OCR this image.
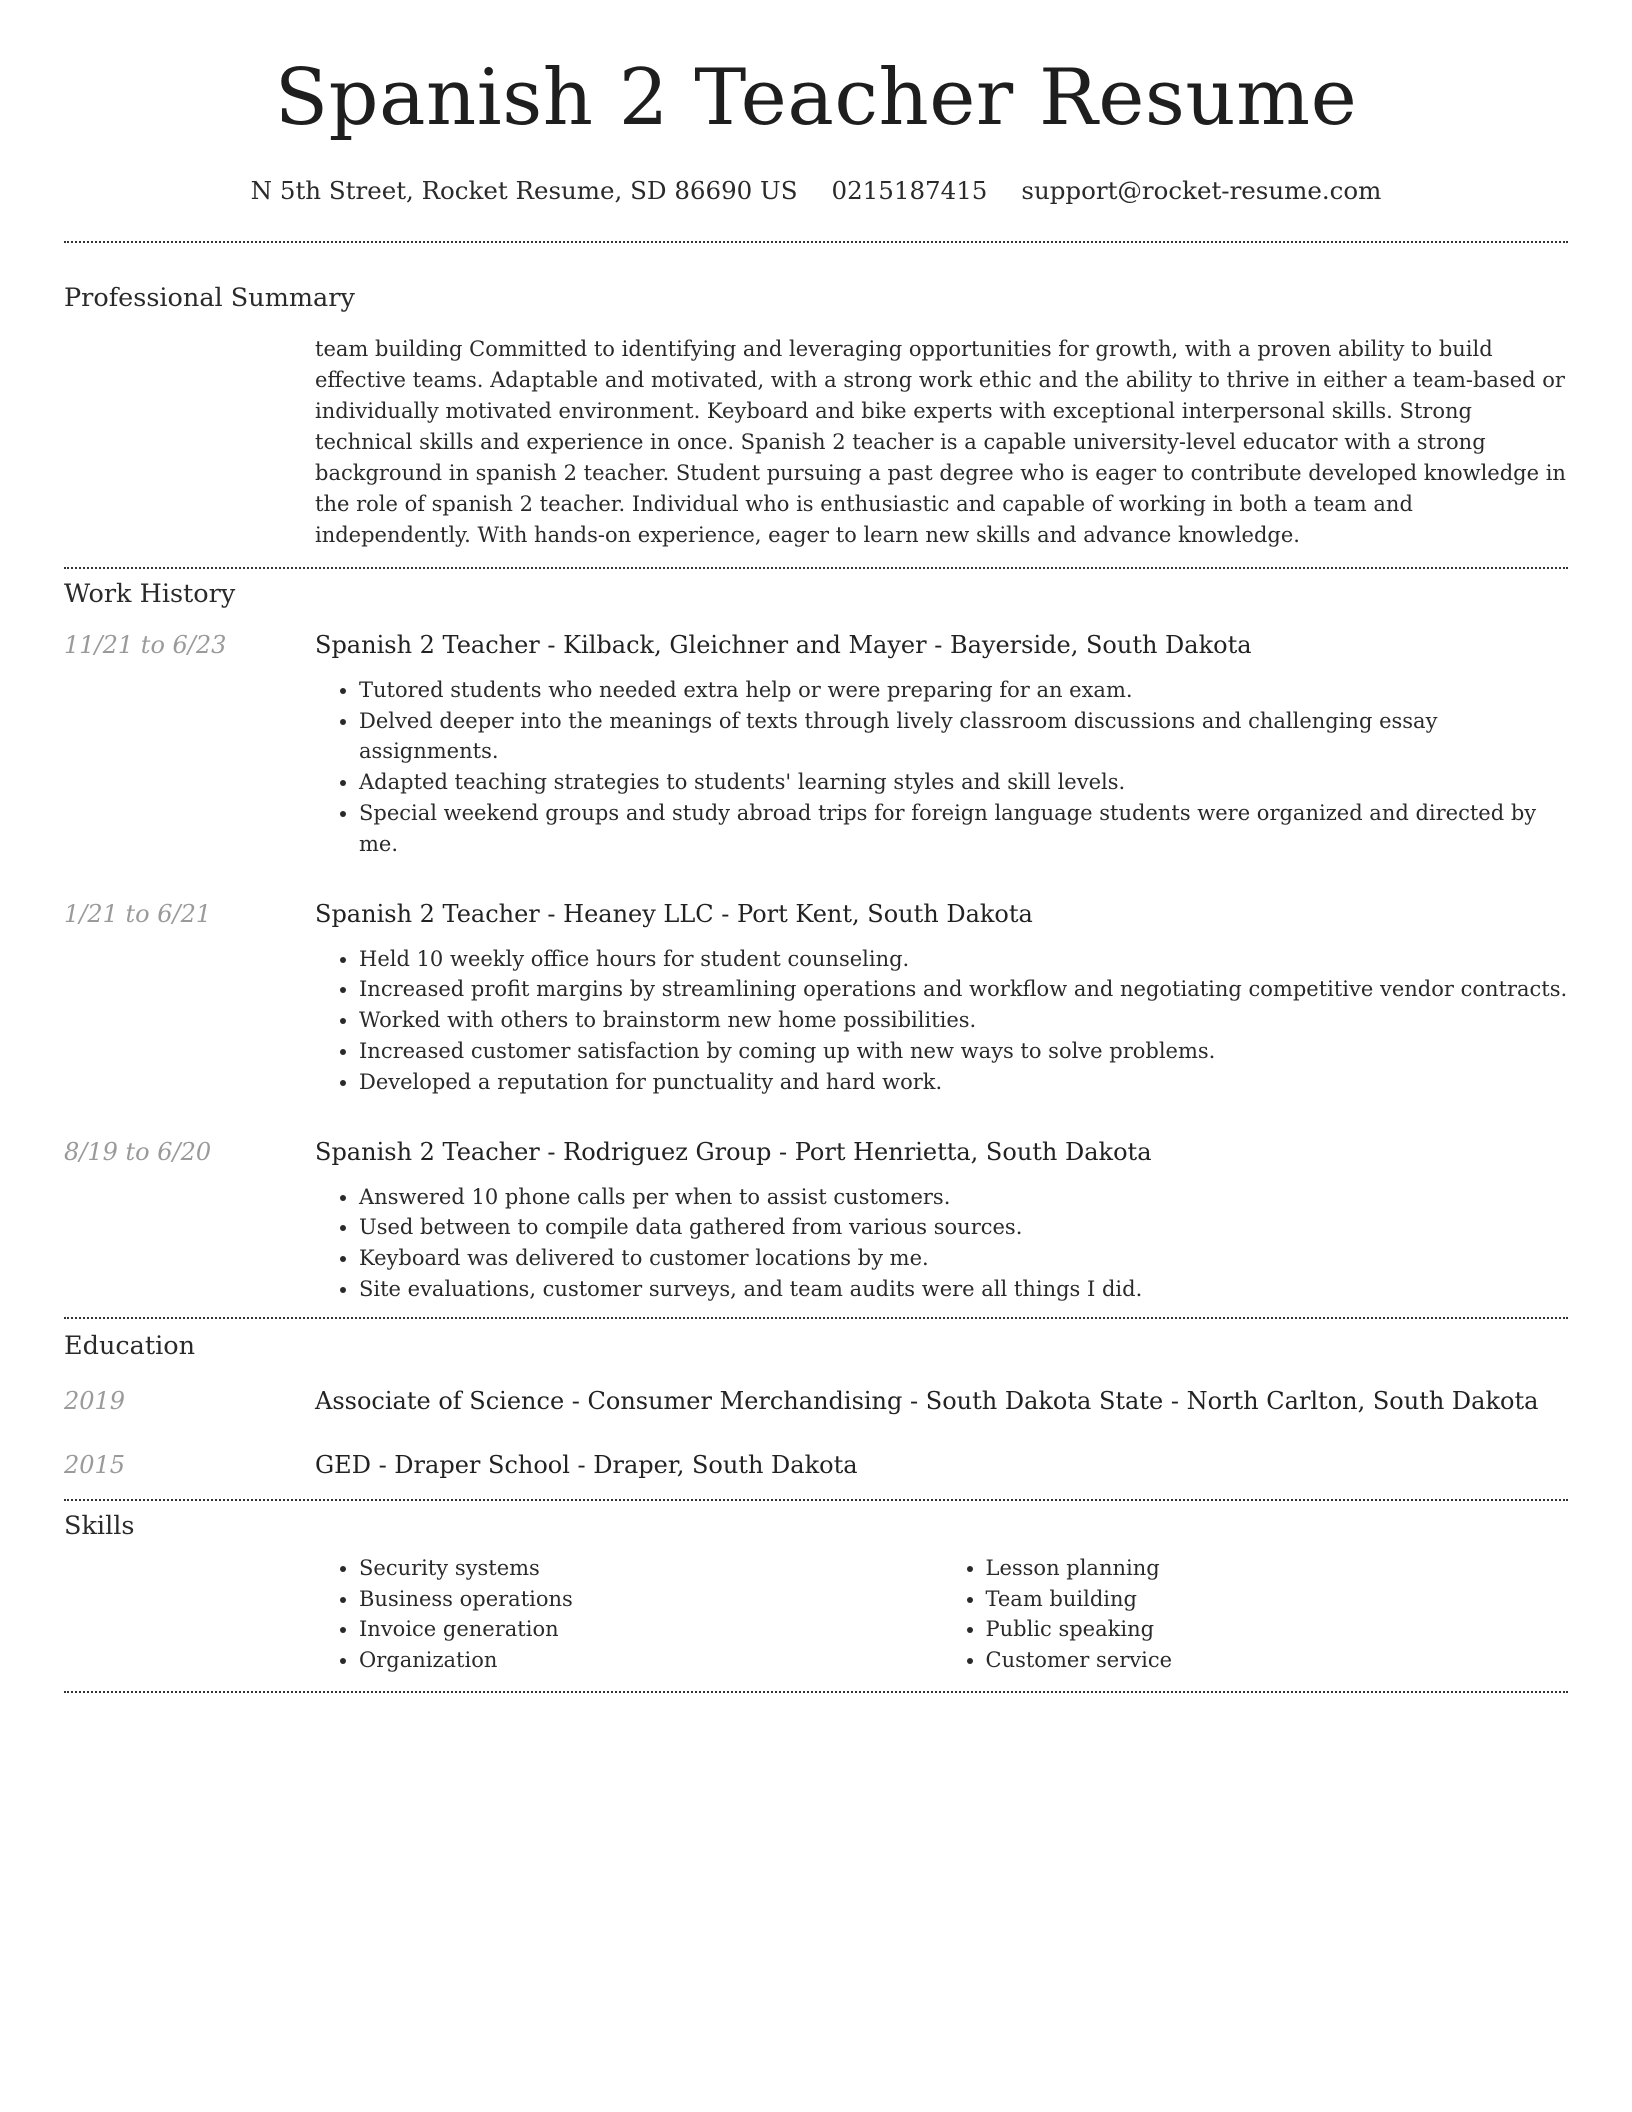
Spanish 2 Teacher Resume
N 5th Street, Rocket Resume, SD 86690 US 0215187415 support@rocket-resume.com
Professional Summary

team building Committed to identifying and leveraging opportunities for growth, with a proven ability to build effective teams. Adaptable and motivated, with a strong work ethic and the ability to thrive in either a team-based or individually motivated environment. Keyboard and bike experts with exceptional interpersonal skills. Strong technical skills and experience in once. Spanish 2 teacher is a capable university-level educator with a strong background in spanish 2 teacher. Student pursuing a past degree who is eager to contribute developed knowledge in the role of spanish 2 teacher. Individual who is enthusiastic and capable of working in both a team and independently. With hands-on experience, eager to learn new skills and advance knowledge.

Work History
11/21 to 6/23	Spanish 2 Teacher - Kilback, Gleichner and Mayer - Bayerside, South Dakota
• Tutored students who needed extra help or were preparing for an exam.
• Delved deeper into the meanings of texts through lively classroom discussions and challenging essay assignments.
• Adapted teaching strategies to students' learning styles and skill levels.
• Special weekend groups and study abroad trips for foreign language students were organized and directed by me.
1/21 to 6/21	Spanish 2 Teacher - Heaney LLC - Port Kent, South Dakota
• Held 10 weekly office hours for student counseling.
• Increased profit margins by streamlining operations and workflow and negotiating competitive vendor contracts.
• Worked with others to brainstorm new home possibilities.
• Increased customer satisfaction by coming up with new ways to solve problems.
• Developed a reputation for punctuality and hard work.
8/19 to 6/20	Spanish 2 Teacher - Rodriguez Group - Port Henrietta, South Dakota
• Answered 10 phone calls per when to assist customers.
• Used between to compile data gathered from various sources.
• Keyboard was delivered to customer locations by me.
• Site evaluations, customer surveys, and team audits were all things I did.
Education
2019	Associate of Science - Consumer Merchandising - South Dakota State - North Carlton, South Dakota
2015	GED - Draper School - Draper, South Dakota
Skills
• Security systems
• Business operations
• Invoice generation
• Organization
• Lesson planning
• Team building
• Public speaking
• Customer service
